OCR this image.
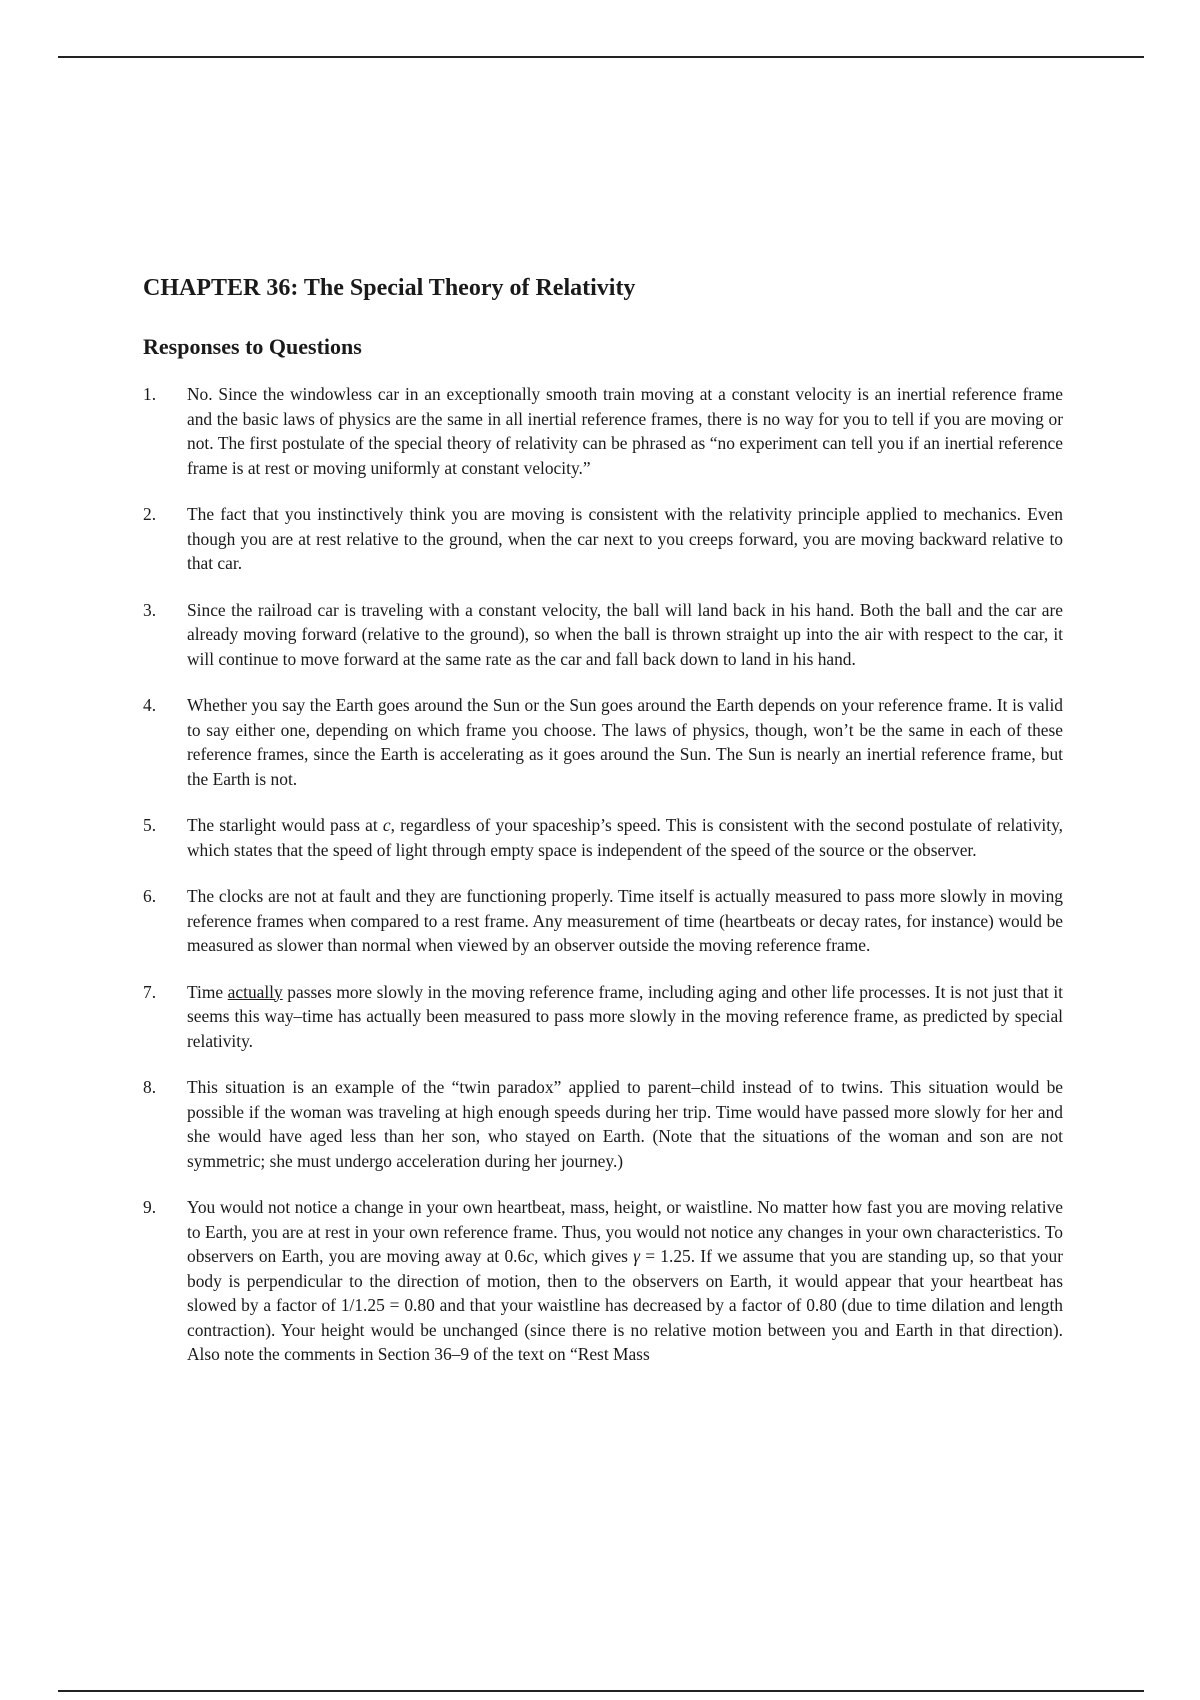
CHAPTER 36: The Special Theory of Relativity
Responses to Questions
1. No. Since the windowless car in an exceptionally smooth train moving at a constant velocity is an inertial reference frame and the basic laws of physics are the same in all inertial reference frames, there is no way for you to tell if you are moving or not. The first postulate of the special theory of relativity can be phrased as “no experiment can tell you if an inertial reference frame is at rest or moving uniformly at constant velocity.”
2. The fact that you instinctively think you are moving is consistent with the relativity principle applied to mechanics. Even though you are at rest relative to the ground, when the car next to you creeps forward, you are moving backward relative to that car.
3. Since the railroad car is traveling with a constant velocity, the ball will land back in his hand. Both the ball and the car are already moving forward (relative to the ground), so when the ball is thrown straight up into the air with respect to the car, it will continue to move forward at the same rate as the car and fall back down to land in his hand.
4. Whether you say the Earth goes around the Sun or the Sun goes around the Earth depends on your reference frame. It is valid to say either one, depending on which frame you choose. The laws of physics, though, won’t be the same in each of these reference frames, since the Earth is accelerating as it goes around the Sun. The Sun is nearly an inertial reference frame, but the Earth is not.
5. The starlight would pass at c, regardless of your spaceship’s speed. This is consistent with the second postulate of relativity, which states that the speed of light through empty space is independent of the speed of the source or the observer.
6. The clocks are not at fault and they are functioning properly. Time itself is actually measured to pass more slowly in moving reference frames when compared to a rest frame. Any measurement of time (heartbeats or decay rates, for instance) would be measured as slower than normal when viewed by an observer outside the moving reference frame.
7. Time actually passes more slowly in the moving reference frame, including aging and other life processes. It is not just that it seems this way–time has actually been measured to pass more slowly in the moving reference frame, as predicted by special relativity.
8. This situation is an example of the “twin paradox” applied to parent–child instead of to twins. This situation would be possible if the woman was traveling at high enough speeds during her trip. Time would have passed more slowly for her and she would have aged less than her son, who stayed on Earth. (Note that the situations of the woman and son are not symmetric; she must undergo acceleration during her journey.)
9. You would not notice a change in your own heartbeat, mass, height, or waistline. No matter how fast you are moving relative to Earth, you are at rest in your own reference frame. Thus, you would not notice any changes in your own characteristics. To observers on Earth, you are moving away at 0.6c, which gives γ = 1.25. If we assume that you are standing up, so that your body is perpendicular to the direction of motion, then to the observers on Earth, it would appear that your heartbeat has slowed by a factor of 1/1.25 = 0.80 and that your waistline has decreased by a factor of 0.80 (due to time dilation and length contraction). Your height would be unchanged (since there is no relative motion between you and Earth in that direction). Also note the comments in Section 36–9 of the text on “Rest Mass
